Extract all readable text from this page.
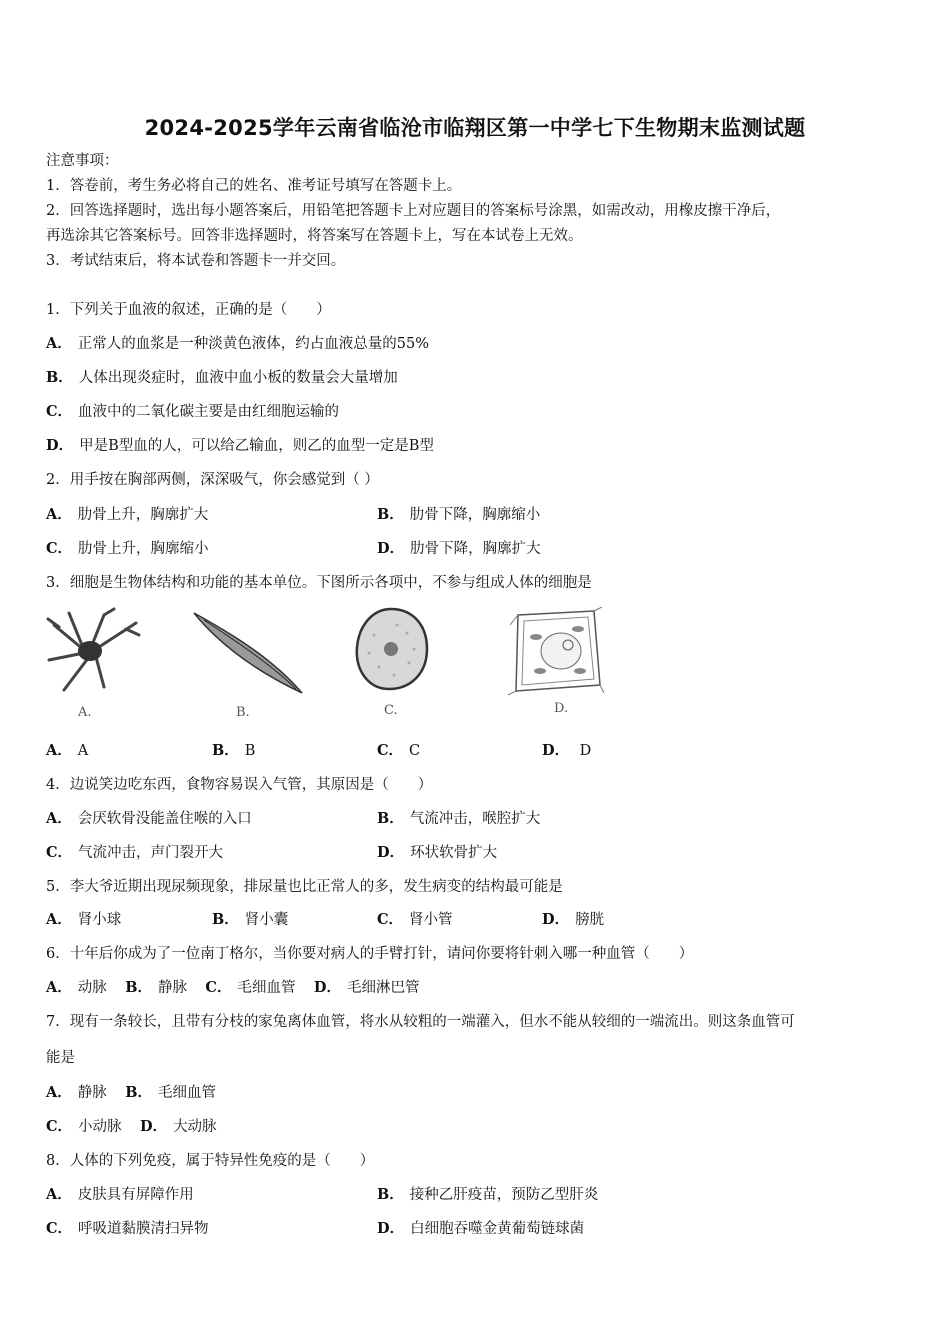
2024-2025学年云南省临沧市临翔区第一中学七下生物期末监测试题
注意事项：
1．答卷前，考生务必将自己的姓名、准考证号填写在答题卡上。
2．回答选择题时，选出每小题答案后，用铅笔把答题卡上对应题目的答案标号涂黑，如需改动，用橡皮擦干净后，
再选涂其它答案标号。回答非选择题时，将答案写在答题卡上，写在本试卷上无效。
3．考试结束后，将本试卷和答题卡一并交回。
1．下列关于血液的叙述，正确的是（　　）
A． 正常人的血浆是一种淡黄色液体，约占血液总量的55%
B． 人体出现炎症时，血液中血小板的数量会大量增加
C． 血液中的二氧化碳主要是由红细胞运输的
D． 甲是B型血的人，可以给乙输血，则乙的血型一定是B型
2．用手按在胸部两侧，深深吸气，你会感觉到（ ）
A． 肋骨上升，胸廓扩大	B． 肋骨下降，胸廓缩小
C． 肋骨上升，胸廓缩小	D． 肋骨下降，胸廓扩大
3．细胞是生物体结构和功能的基本单位。下图所示各项中，不参与组成人体的细胞是
A.	B.	C.	D.
A． A	B． B	C． C	D． D
4．边说笑边吃东西，食物容易误入气管，其原因是（　　）
A． 会厌软骨没能盖住喉的入口	B． 气流冲击，喉腔扩大
C． 气流冲击，声门裂开大	D． 环状软骨扩大
5．李大爷近期出现尿频现象，排尿量也比正常人的多，发生病变的结构最可能是
A． 肾小球	B． 肾小囊	C． 肾小管	D． 膀胱
6．十年后你成为了一位南丁格尔，当你要对病人的手臂打针，请问你要将针刺入哪一种血管（　　）
A． 动脉 B． 静脉 C． 毛细血管 D． 毛细淋巴管
7．现有一条较长，且带有分枝的家兔离体血管，将水从较粗的一端灌入，但水不能从较细的一端流出。则这条血管可
能是
A． 静脉 B． 毛细血管
C． 小动脉 D． 大动脉
8．人体的下列免疫，属于特异性免疫的是（　　）
A． 皮肤具有屏障作用	B． 接种乙肝疫苗，预防乙型肝炎
C． 呼吸道黏膜清扫异物	D． 白细胞吞噬金黄葡萄链球菌
